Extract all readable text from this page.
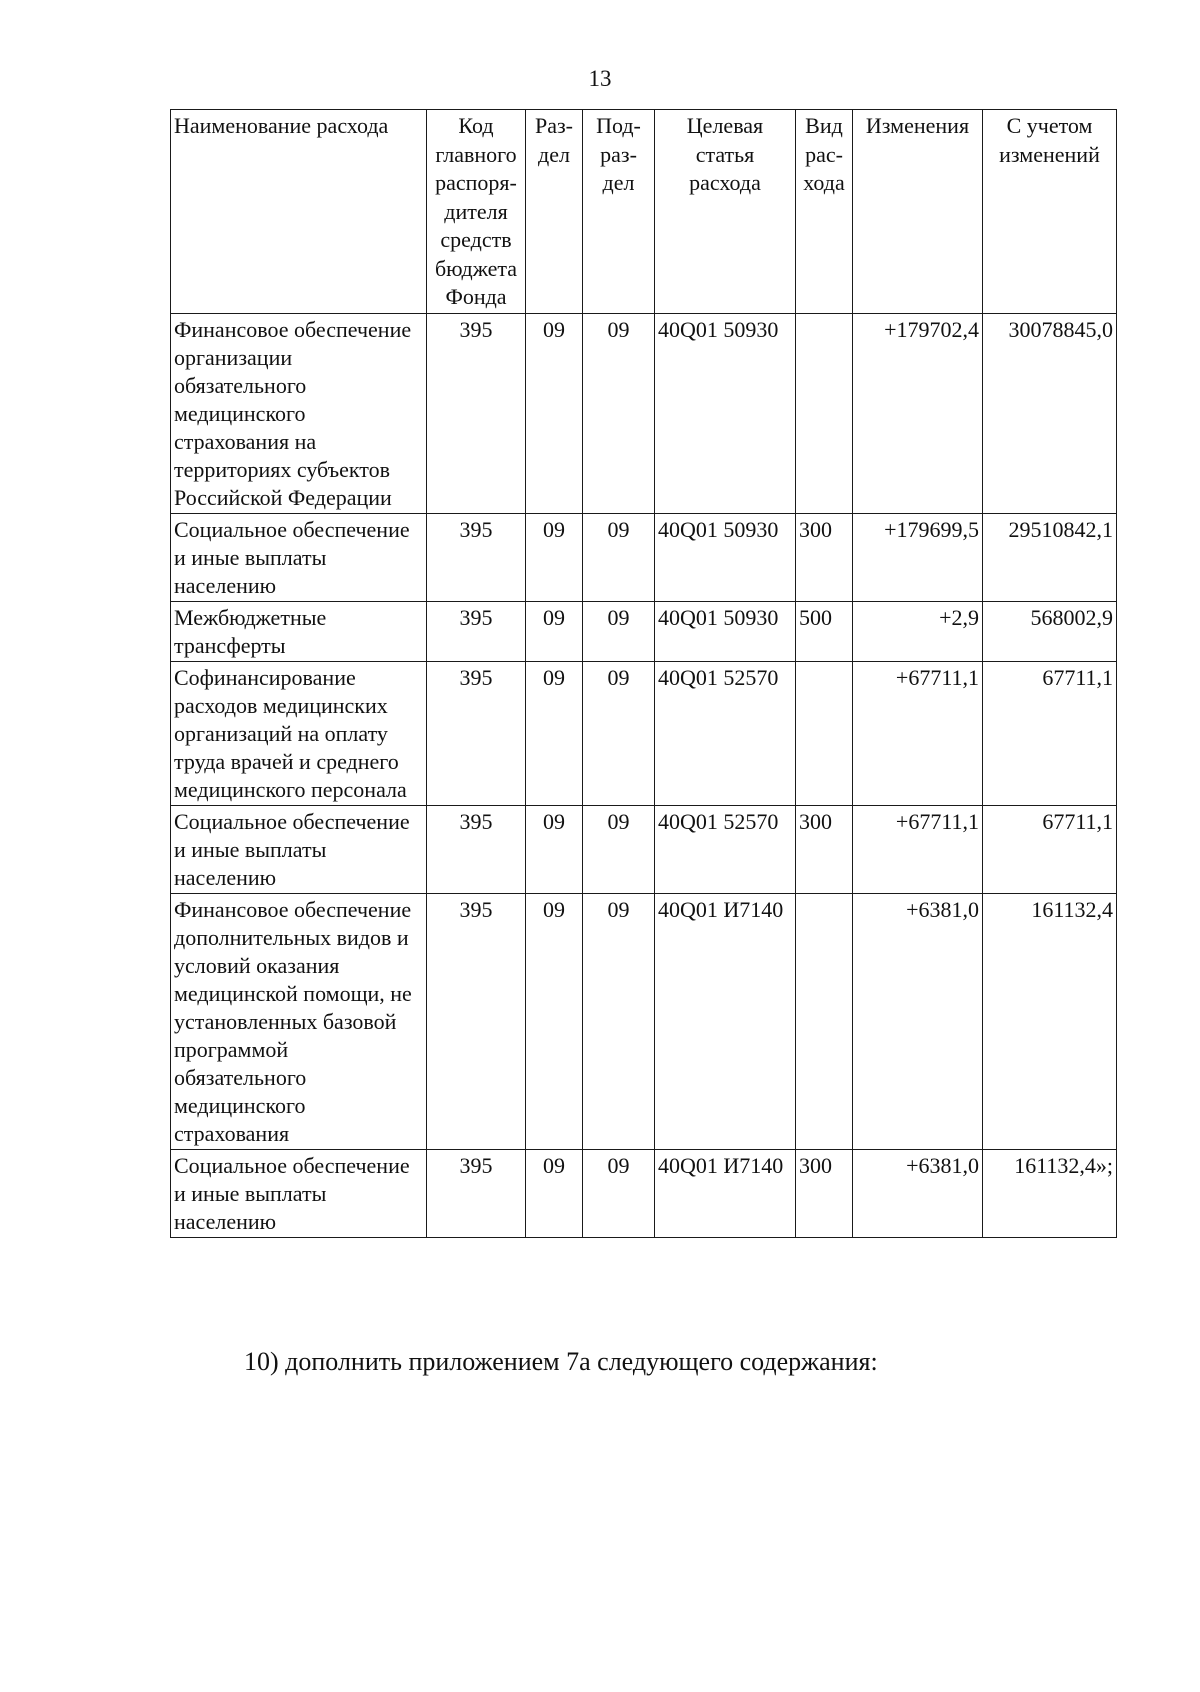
13
Наименование расхода	Код главного распоря-дителя средств бюджета Фонда	Раз-дел	Под-раз-дел	Целевая статья расхода	Вид рас-хода	Изменения	С учетом изменений
Финансовое обеспечение организации обязательного медицинского страхования на территориях субъектов Российской Федерации	395	09	09	40Q01 50930		+179702,4	30078845,0
Социальное обеспечение и иные выплаты населению	395	09	09	40Q01 50930	300	+179699,5	29510842,1
Межбюджетные трансферты	395	09	09	40Q01 50930	500	+2,9	568002,9
Софинансирование расходов медицинских организаций на оплату труда врачей и среднего медицинского персонала	395	09	09	40Q01 52570		+67711,1	67711,1
Социальное обеспечение и иные выплаты населению	395	09	09	40Q01 52570	300	+67711,1	67711,1
Финансовое обеспечение дополнительных видов и условий оказания медицинской помощи, не установленных базовой программой обязательного медицинского страхования	395	09	09	40Q01 И7140		+6381,0	161132,4
Социальное обеспечение и иные выплаты населению	395	09	09	40Q01 И7140	300	+6381,0	161132,4»;
10) дополнить приложением 7а следующего содержания:
